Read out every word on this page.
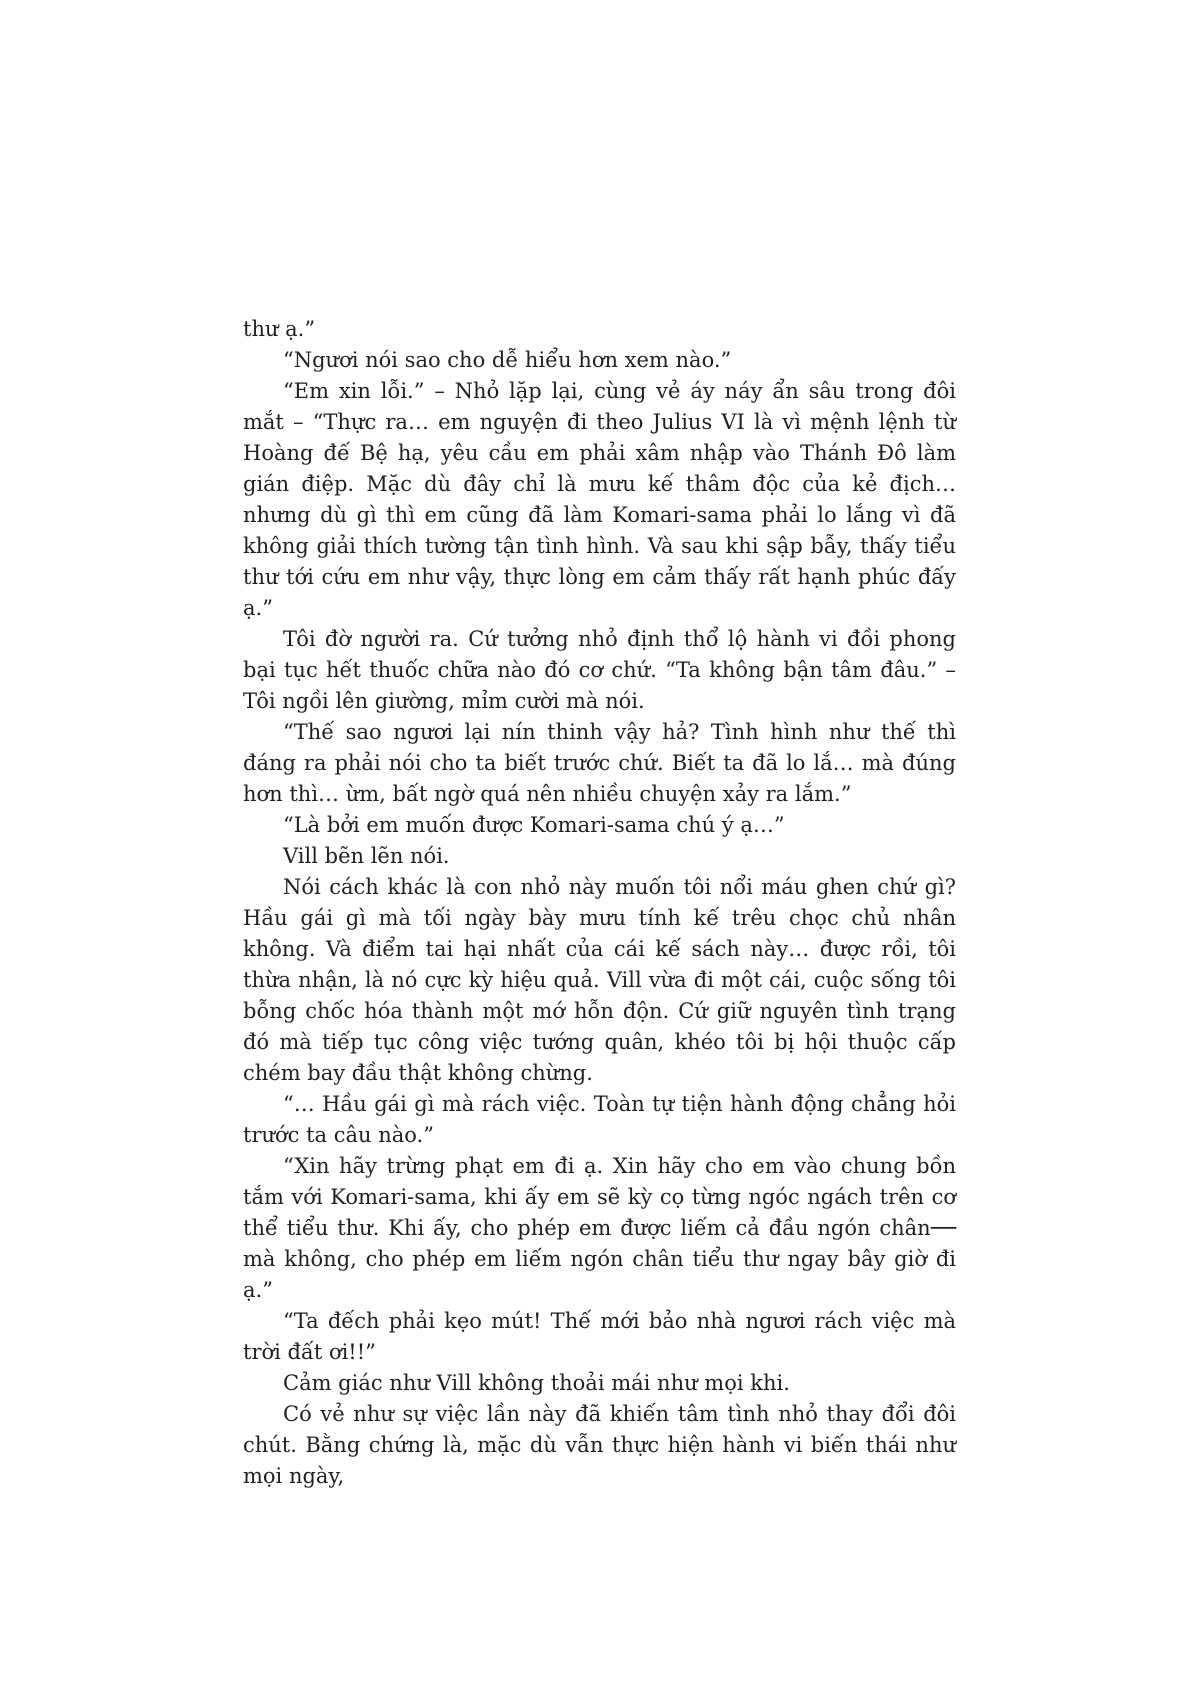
thư ạ.”

“Ngươi nói sao cho dễ hiểu hơn xem nào.”

“Em xin lỗi.” – Nhỏ lặp lại, cùng vẻ áy náy ẩn sâu trong đôi mắt – “Thực ra… em nguyện đi theo Julius VI là vì mệnh lệnh từ Hoàng đế Bệ hạ, yêu cầu em phải xâm nhập vào Thánh Đô làm gián điệp. Mặc dù đây chỉ là mưu kế thâm độc của kẻ địch… nhưng dù gì thì em cũng đã làm Komari-sama phải lo lắng vì đã không giải thích tường tận tình hình. Và sau khi sập bẫy, thấy tiểu thư tới cứu em như vậy, thực lòng em cảm thấy rất hạnh phúc đấy ạ.”

Tôi đờ người ra. Cứ tưởng nhỏ định thổ lộ hành vi đồi phong bại tục hết thuốc chữa nào đó cơ chứ. “Ta không bận tâm đâu.” – Tôi ngồi lên giường, mỉm cười mà nói.

“Thế sao ngươi lại nín thinh vậy hả? Tình hình như thế thì đáng ra phải nói cho ta biết trước chứ. Biết ta đã lo lắ… mà đúng hơn thì… ừm, bất ngờ quá nên nhiều chuyện xảy ra lắm.”

“Là bởi em muốn được Komari-sama chú ý ạ…”

Vill bẽn lẽn nói.

Nói cách khác là con nhỏ này muốn tôi nổi máu ghen chứ gì? Hầu gái gì mà tối ngày bày mưu tính kế trêu chọc chủ nhân không. Và điểm tai hại nhất của cái kế sách này… được rồi, tôi thừa nhận, là nó cực kỳ hiệu quả. Vill vừa đi một cái, cuộc sống tôi bỗng chốc hóa thành một mớ hỗn độn. Cứ giữ nguyên tình trạng đó mà tiếp tục công việc tướng quân, khéo tôi bị hội thuộc cấp chém bay đầu thật không chừng.

“… Hầu gái gì mà rách việc. Toàn tự tiện hành động chẳng hỏi trước ta câu nào.”

“Xin hãy trừng phạt em đi ạ. Xin hãy cho em vào chung bồn tắm với Komari-sama, khi ấy em sẽ kỳ cọ từng ngóc ngách trên cơ thể tiểu thư. Khi ấy, cho phép em được liếm cả đầu ngón chân── mà không, cho phép em liếm ngón chân tiểu thư ngay bây giờ đi ạ.”

“Ta đếch phải kẹo mút! Thế mới bảo nhà ngươi rách việc mà trời đất ơi!!”

Cảm giác như Vill không thoải mái như mọi khi.

Có vẻ như sự việc lần này đã khiến tâm tình nhỏ thay đổi đôi chút. Bằng chứng là, mặc dù vẫn thực hiện hành vi biến thái như mọi ngày,
